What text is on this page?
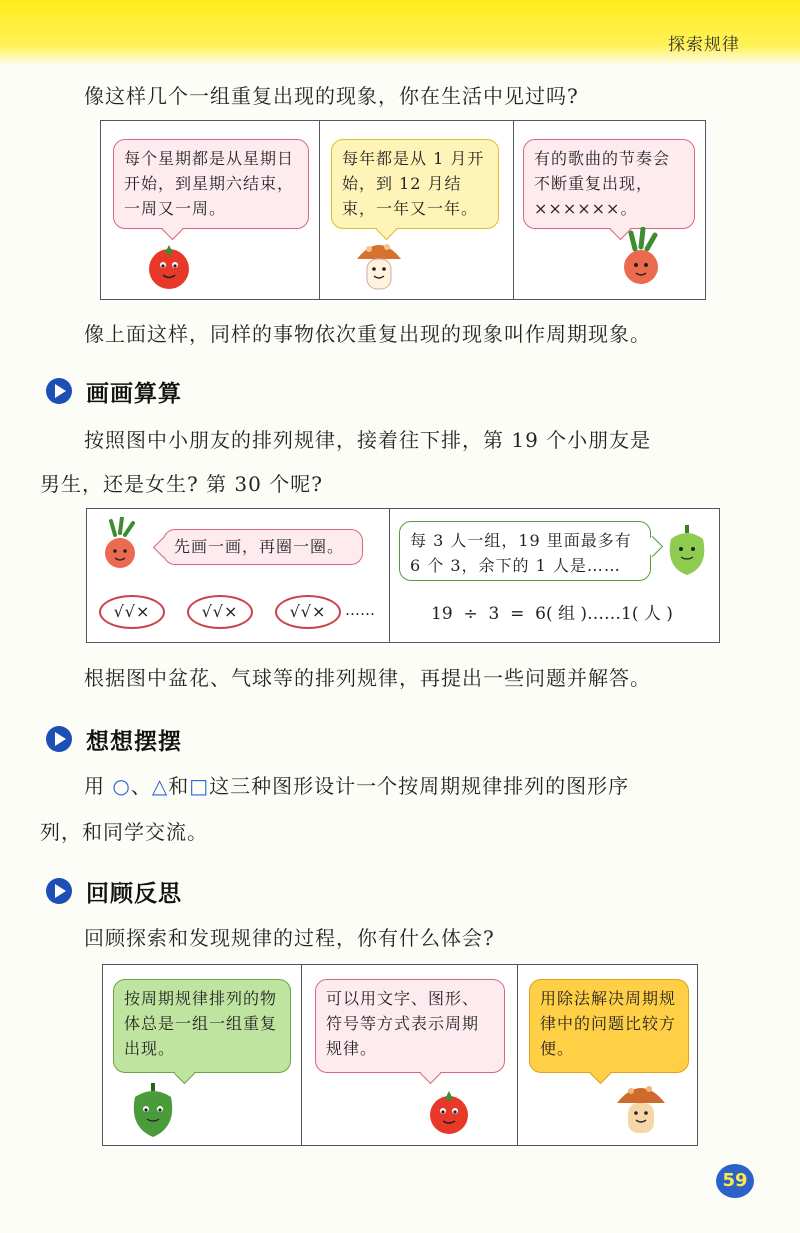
探索规律
像这样几个一组重复出现的现象，你在生活中见过吗?
每个星期都是从星期日开始，到星期六结束，一周又一周。
每年都是从 1 月开始，到 12 月结束，一年又一年。
有的歌曲的节奏会不断重复出现，××××××。
像上面这样，同样的事物依次重复出现的现象叫作周期现象。
画画算算
按照图中小朋友的排列规律，接着往下排，第 19 个小朋友是
男生，还是女生? 第 30 个呢?
先画一画，再圈一圈。
√√×	√√×	√√×	……
每 3 人一组，19 里面最多有 6 个 3，余下的 1 人是……
19  ÷  3  =  6( 组 )……1( 人 )
根据图中盆花、气球等的排列规律，再提出一些问题并解答。
想想摆摆
用 ○、△和□这三种图形设计一个按周期规律排列的图形序
列，和同学交流。
回顾反思
回顾探索和发现规律的过程，你有什么体会?
按周期规律排列的物体总是一组一组重复出现。
可以用文字、图形、符号等方式表示周期规律。
用除法解决周期规律中的问题比较方便。
59
